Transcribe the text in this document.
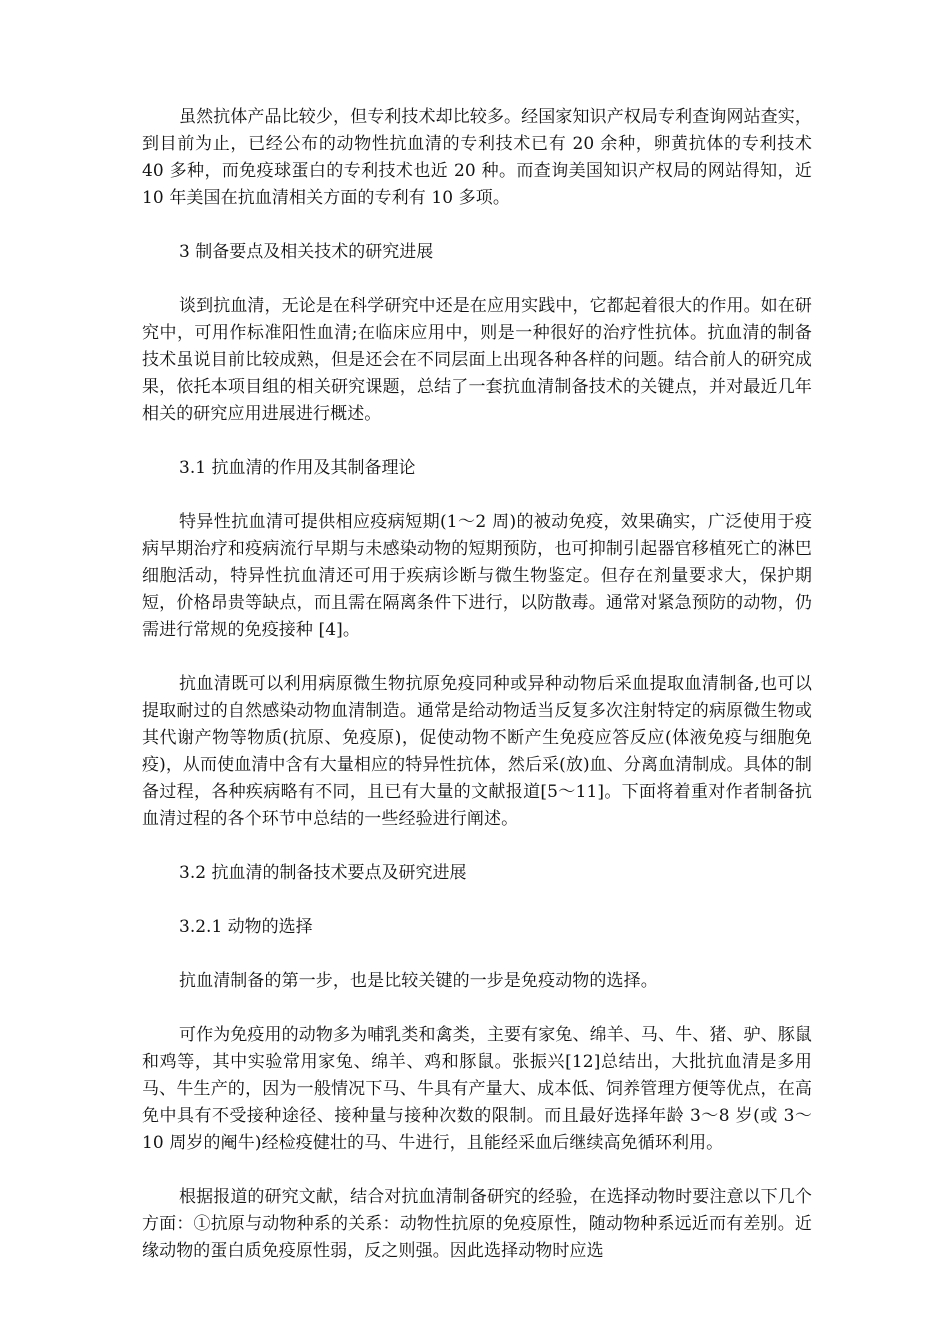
虽然抗体产品比较少，但专利技术却比较多。经国家知识产权局专利查询网站查实，到目前为止，已经公布的动物性抗血清的专利技术已有 20 余种，卵黄抗体的专利技术 40 多种，而免疫球蛋白的专利技术也近 20 种。而查询美国知识产权局的网站得知，近 10 年美国在抗血清相关方面的专利有 10 多项。

3 制备要点及相关技术的研究进展

谈到抗血清，无论是在科学研究中还是在应用实践中，它都起着很大的作用。如在研究中，可用作标准阳性血清;在临床应用中，则是一种很好的治疗性抗体。抗血清的制备技术虽说目前比较成熟，但是还会在不同层面上出现各种各样的问题。结合前人的研究成果，依托本项目组的相关研究课题，总结了一套抗血清制备技术的关键点，并对最近几年相关的研究应用进展进行概述。

3.1 抗血清的作用及其制备理论

特异性抗血清可提供相应疫病短期(1～2 周)的被动免疫，效果确实，广泛使用于疫病早期治疗和疫病流行早期与未感染动物的短期预防，也可抑制引起器官移植死亡的淋巴细胞活动，特异性抗血清还可用于疾病诊断与微生物鉴定。但存在剂量要求大，保护期短，价格昂贵等缺点，而且需在隔离条件下进行，以防散毒。通常对紧急预防的动物，仍需进行常规的免疫接种 [4]。

抗血清既可以利用病原微生物抗原免疫同种或异种动物后采血提取血清制备,也可以提取耐过的自然感染动物血清制造。通常是给动物适当反复多次注射特定的病原微生物或其代谢产物等物质(抗原、免疫原)，促使动物不断产生免疫应答反应(体液免疫与细胞免疫)，从而使血清中含有大量相应的特异性抗体，然后采(放)血、分离血清制成。具体的制备过程，各种疾病略有不同，且已有大量的文献报道[5～11]。下面将着重对作者制备抗血清过程的各个环节中总结的一些经验进行阐述。

3.2 抗血清的制备技术要点及研究进展

3.2.1 动物的选择

抗血清制备的第一步，也是比较关键的一步是免疫动物的选择。

可作为免疫用的动物多为哺乳类和禽类，主要有家兔、绵羊、马、牛、猪、驴、豚鼠和鸡等，其中实验常用家兔、绵羊、鸡和豚鼠。张振兴[12]总结出，大批抗血清是多用马、牛生产的，因为一般情况下马、牛具有产量大、成本低、饲养管理方便等优点，在高免中具有不受接种途径、接种量与接种次数的限制。而且最好选择年龄 3～8 岁(或 3～10 周岁的阉牛)经检疫健壮的马、牛进行，且能经采血后继续高免循环利用。

根据报道的研究文献，结合对抗血清制备研究的经验，在选择动物时要注意以下几个方面：①抗原与动物种系的关系：动物性抗原的免疫原性，随动物种系远近而有差别。近缘动物的蛋白质免疫原性弱，反之则强。因此选择动物时应选
